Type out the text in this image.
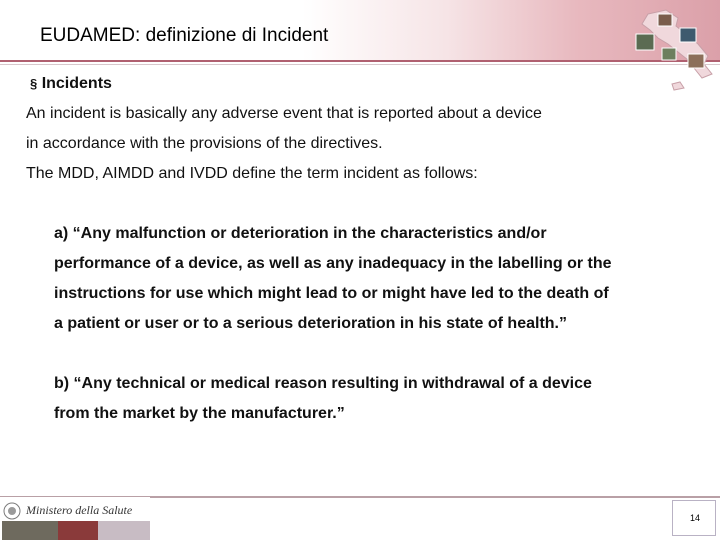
EUDAMED: definizione di Incident
§ Incidents
An incident is basically any adverse event that is reported about a device
in accordance with the provisions of the directives.
The MDD, AIMDD and IVDD define the term incident as follows:
a) “Any malfunction or deterioration in the characteristics and/or
performance of a device, as well as any inadequacy in the labelling or the
instructions for use which might lead to or might have led to the death of
a patient or user or to a serious deterioration in his state of health.”
b) “Any technical or medical reason resulting in withdrawal of a device
from the market by the manufacturer.”
Ministero della Salute
14
